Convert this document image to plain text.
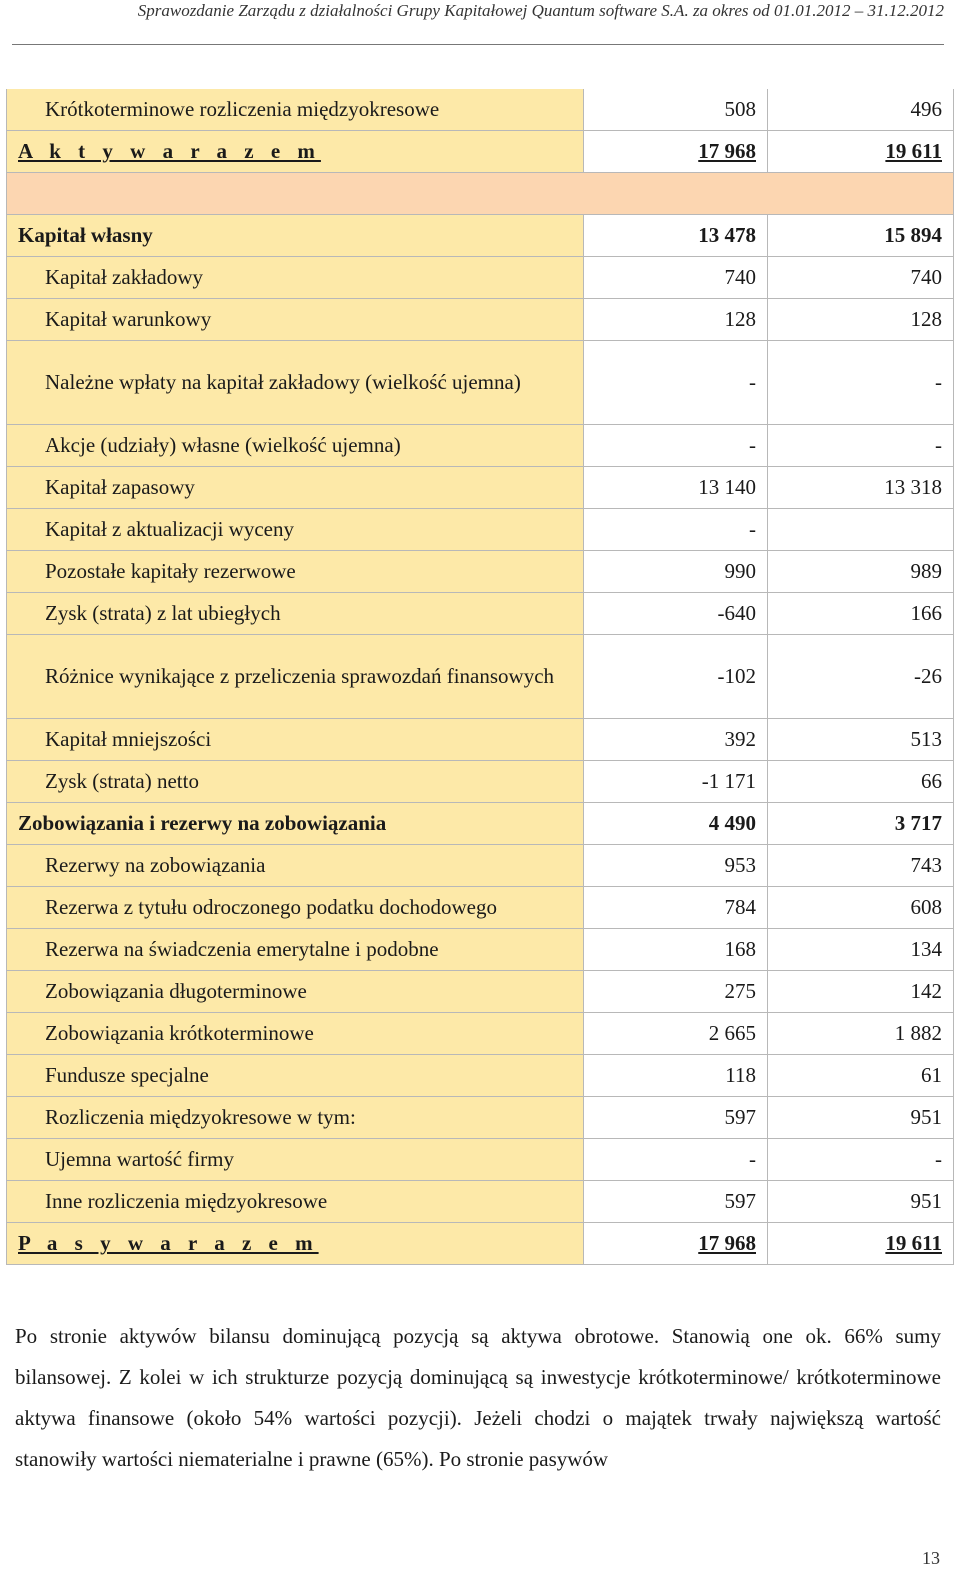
Sprawozdanie Zarządu z działalności Grupy Kapitałowej Quantum software S.A. za okres od 01.01.2012 – 31.12.2012
Krótkoterminowe rozliczenia międzyokresowe	508	496
A k t y w a r a z e m	17 968	19 611

Kapitał własny	13 478	15 894
Kapitał zakładowy	740	740
Kapitał warunkowy	128	128
Należne wpłaty na kapitał zakładowy (wielkość ujemna)	-	-
Akcje (udziały) własne (wielkość ujemna)	-	-
Kapitał zapasowy	13 140	13 318
Kapitał z aktualizacji wyceny	-	
Pozostałe kapitały rezerwowe	990	989
Zysk (strata) z lat ubiegłych	-640	166
Różnice wynikające z przeliczenia sprawozdań finansowych	-102	-26
Kapitał mniejszości	392	513
Zysk (strata) netto	-1 171	66
Zobowiązania i rezerwy na zobowiązania	4 490	3 717
Rezerwy na zobowiązania	953	743
Rezerwa z tytułu odroczonego podatku dochodowego	784	608
Rezerwa na świadczenia emerytalne i podobne	168	134
Zobowiązania długoterminowe	275	142
Zobowiązania krótkoterminowe	2 665	1 882
Fundusze specjalne	118	61
Rozliczenia międzyokresowe w tym:	597	951
Ujemna wartość firmy	-	-
Inne rozliczenia międzyokresowe	597	951
P a s y w a r a z e m	17 968	19 611
Po stronie aktywów bilansu dominującą pozycją są aktywa obrotowe. Stanowią one ok. 66% sumy bilansowej. Z kolei w ich strukturze pozycją dominującą są inwestycje krótkoterminowe/ krótkoterminowe aktywa finansowe (około 54% wartości pozycji). Jeżeli chodzi o majątek trwały największą wartość stanowiły wartości niematerialne i prawne (65%). Po stronie pasywów
13
